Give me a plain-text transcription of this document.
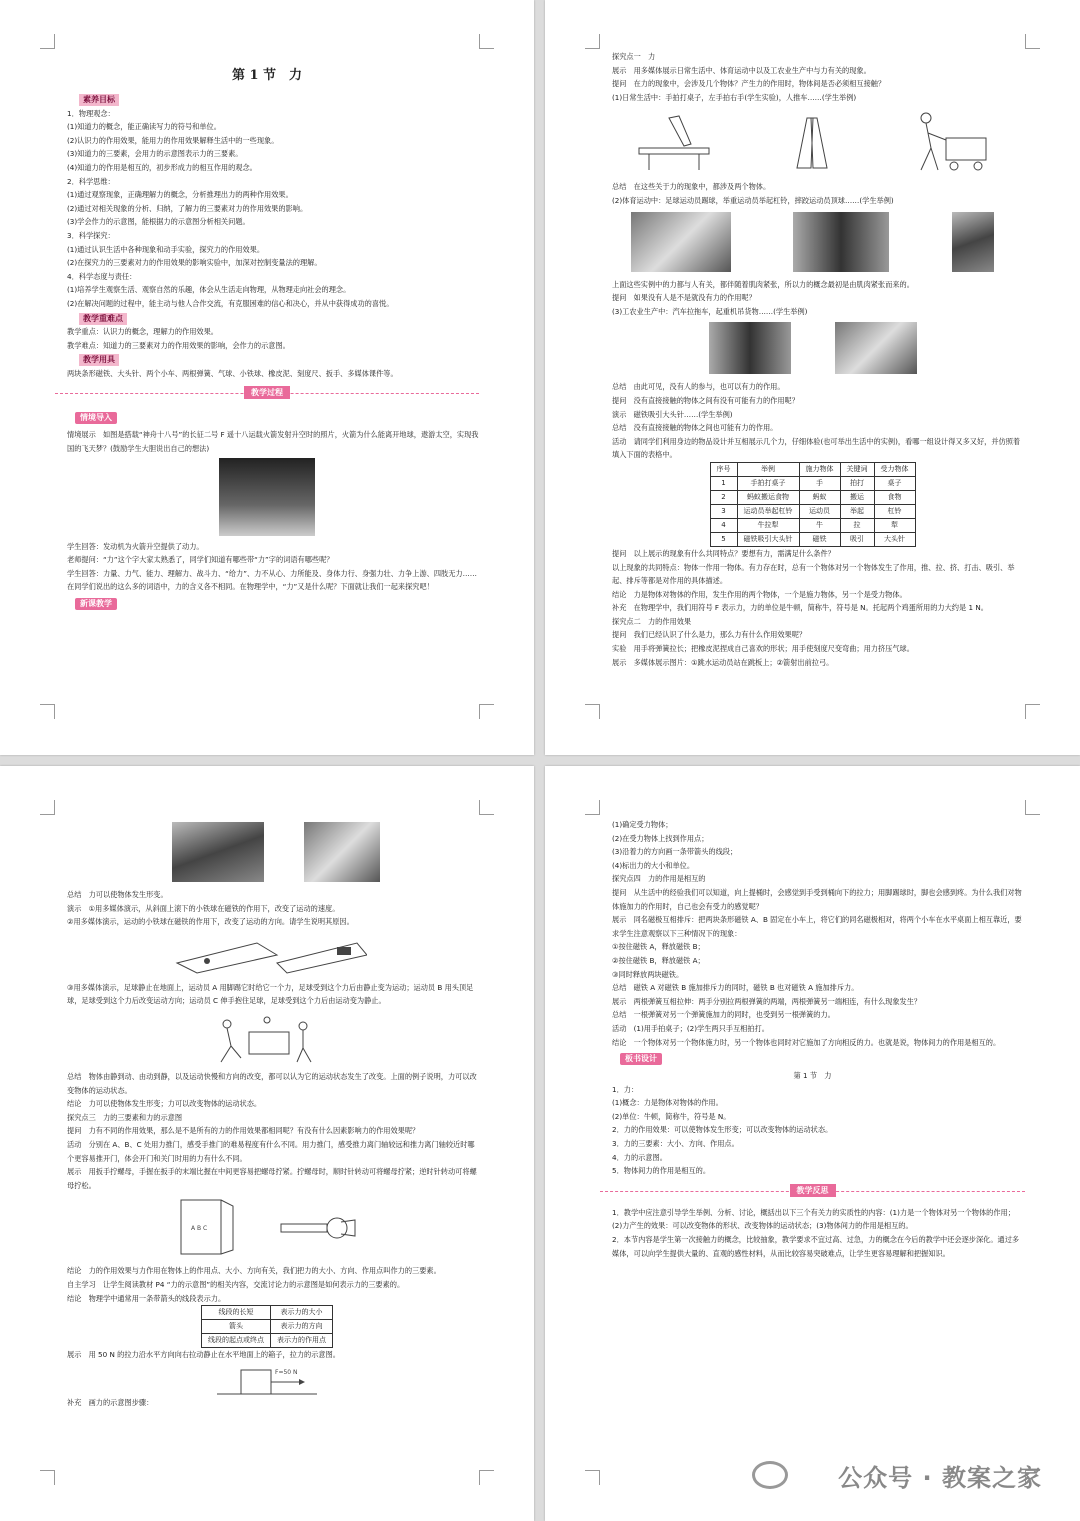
第 1 节　力
素养目标
1．物理观念：
(1)知道力的概念，能正确读写力的符号和单位。
(2)认识力的作用效果，能用力的作用效果解释生活中的一些现象。
(3)知道力的三要素，会用力的示意图表示力的三要素。
(4)知道力的作用是相互的，初步形成力的相互作用的观念。
2．科学思维：
(1)通过观察现象，正确理解力的概念，分析推理出力的两种作用效果。
(2)通过对相关现象的分析、归纳，了解力的三要素对力的作用效果的影响。
(3)学会作力的示意图，能根据力的示意图分析相关问题。
3．科学探究：
(1)通过认识生活中各种现象和动手实验，探究力的作用效果。
(2)在探究力的三要素对力的作用效果的影响实验中，加深对控制变量法的理解。
4．科学态度与责任：
(1)培养学生观察生活、观察自然的乐趣，体会从生活走向物理，从物理走向社会的理念。
(2)在解决问题的过程中，能主动与他人合作交流，有克服困难的信心和决心，并从中获得成功的喜悦。
教学重难点
教学重点：认识力的概念，理解力的作用效果。
教学难点：知道力的三要素对力的作用效果的影响，会作力的示意图。
教学用具
两块条形磁铁、大头针、两个小车、两根弹簧、气球、小铁球、橡皮泥、刻度尺、扳手、多媒体课件等。
教学过程
情境导入
情境展示　如图是搭载“神舟十八号”的长征二号 F 遥十八运载火箭发射升空时的照片，火箭为什么能离开地球，遨游太空，实现我国的飞天梦？(鼓励学生大胆说出自己的想法)
学生回答：发动机为火箭升空提供了动力。
老师提问：“力”这个字大家太熟悉了，同学们知道有哪些带“力”字的词语有哪些呢？
学生回答：力量、力气、能力、理解力、战斗力、“给力”、力不从心、力所能及、身体力行、身强力壮、力争上游、四肢无力……
在同学们说出的这么多的词语中，力的含义各不相同。在物理学中，“力”又是什么呢？下面就让我们一起来探究吧！
新课教学
探究点一　力
展示　用多媒体展示日常生活中、体育运动中以及工农业生产中与力有关的现象。
提问　在力的现象中，会涉及几个物体？产生力的作用时，物体间是否必须相互接触？
(1)日常生活中：手拍打桌子，左手拍右手(学生实验)，人推车……(学生举例)
总结　在这些关于力的现象中，都涉及两个物体。
(2)体育运动中：足球运动员踢球，举重运动员举起杠铃，摔跤运动员顶球……(学生举例)
上面这些实例中的力都与人有关，都伴随着肌肉紧张，所以力的概念最初是由肌肉紧张而来的。
提问　如果没有人是不是就没有力的作用呢？
(3)工农业生产中：汽车拉拖车，起重机吊货物……(学生举例)
总结　由此可见，没有人的参与，也可以有力的作用。
提问　没有直接接触的物体之间有没有可能有力的作用呢？
演示　磁铁吸引大头针……(学生举例)
总结　没有直接接触的物体之间也可能有力的作用。
活动　请同学们利用身边的物品设计并互相展示几个力，仔细体验(也可举出生活中的实例)，看哪一组设计得又多又好，并仿照着填入下面的表格中。
序号	举例	施力物体	关键词	受力物体
1	手拍打桌子	手	拍打	桌子
2	蚂蚁搬运食物	蚂蚁	搬运	食物
3	运动员举起杠铃	运动员	举起	杠铃
4	牛拉犁	牛	拉	犁
5	磁铁吸引大头针	磁铁	吸引	大头针
提问　以上展示的现象有什么共同特点？要想有力，需满足什么条件？
以上现象的共同特点：物体一作用一物体。有力存在时，总有一个物体对另一个物体发生了作用，推、拉、挤、打击、吸引、举起、排斥等都是对作用的具体描述。
结论　力是物体对物体的作用，发生作用的两个物体，一个是施力物体，另一个是受力物体。
补充　在物理学中，我们用符号 F 表示力，力的单位是牛顿，简称牛，符号是 N。托起两个鸡蛋所用的力大约是 1 N。
探究点二　力的作用效果
提问　我们已经认识了什么是力，那么力有什么作用效果呢？
实验　用手将弹簧拉长；把橡皮泥捏成自己喜欢的形状；用手使刻度尺变弯曲；用力挤压气球。
展示　多媒体展示图片：①跳水运动员站在跳板上；②箭射出前拉弓。
总结　力可以使物体发生形变。
演示　①用多媒体演示，从斜面上滚下的小铁球在磁铁的作用下，改变了运动的速度。
②用多媒体演示，运动的小铁球在磁铁的作用下，改变了运动的方向。请学生说明其原因。
③用多媒体演示，足球静止在地面上，运动员 A 用脚踢它时给它一个力，足球受到这个力后由静止变为运动；运动员 B 用头顶足球，足球受到这个力后改变运动方向；运动员 C 伸手抱住足球，足球受到这个力后由运动变为静止。
总结　物体由静到动、由动到静，以及运动快慢和方向的改变，都可以认为它的运动状态发生了改变。上面的例子说明，力可以改变物体的运动状态。
结论　力可以使物体发生形变；力可以改变物体的运动状态。
探究点三　力的三要素和力的示意图
提问　力有不同的作用效果，那么是不是所有的力的作用效果都相同呢？有没有什么因素影响力的作用效果呢？
活动　分别在 A、B、C 处用力推门，感受手推门的难易程度有什么不同。用力推门，感受推力离门轴较远和推力离门轴较近时哪个更容易推开门，体会开门和关门时用的力有什么不同。
展示　用扳手拧螺母，手握在扳手的末端比握在中间更容易把螺母拧紧。拧螺母时，顺时针转动可将螺母拧紧；逆时针转动可将螺母拧松。
A B C
结论　力的作用效果与力作用在物体上的作用点、大小、方向有关，我们把力的大小、方向、作用点叫作力的三要素。
自主学习　让学生阅读教材 P4 “力的示意图”的相关内容，交流讨论力的示意图是如何表示力的三要素的。
结论　物理学中通常用一条带箭头的线段表示力。
线段的长短	表示力的大小
箭头	表示力的方向
线段的起点或终点	表示力的作用点
展示　用 50 N 的拉力沿水平方向向右拉动静止在水平地面上的箱子，拉力的示意图。
F=50 N
补充　画力的示意图步骤：
(1)确定受力物体；
(2)在受力物体上找到作用点；
(3)沿着力的方向画一条带箭头的线段；
(4)标出力的大小和单位。
探究点四　力的作用是相互的
提问　从生活中的经验我们可以知道，向上提桶时，会感觉到手受到桶向下的拉力；用脚踢球时，脚也会感到疼。为什么我们对物体施加力的作用时，自己也会有受力的感觉呢？
展示　同名磁极互相排斥：把两块条形磁铁 A、B 固定在小车上，将它们的同名磁极相对，将两个小车在水平桌面上相互靠近，要求学生注意观察以下三种情况下的现象：
①按住磁铁 A，释放磁铁 B；
②按住磁铁 B，释放磁铁 A；
③同时释放两块磁铁。
总结　磁铁 A 对磁铁 B 施加排斥力的同时，磁铁 B 也对磁铁 A 施加排斥力。
展示　两根弹簧互相拉伸：两手分别拉两根弹簧的两端，两根弹簧另一端相连，有什么现象发生？
总结　一根弹簧对另一个弹簧施加力的同时，也受到另一根弹簧的力。
活动　(1)用手拍桌子；(2)学生两只手互相拍打。
结论　一个物体对另一个物体施力时，另一个物体也同时对它施加了方向相反的力。也就是说，物体间力的作用是相互的。
板书设计
第 1 节　力
1．力：
(1)概念：力是物体对物体的作用。
(2)单位：牛顿，简称牛，符号是 N。
2．力的作用效果：可以使物体发生形变；可以改变物体的运动状态。
3．力的三要素：大小、方向、作用点。
4．力的示意图。
5．物体间力的作用是相互的。
教学反思
1．教学中应注意引导学生举例、分析、讨论，概括出以下三个有关力的实质性的内容：(1)力是一个物体对另一个物体的作用；(2)力产生的效果：可以改变物体的形状、改变物体的运动状态；(3)物体间力的作用是相互的。
2．本节内容是学生第一次接触力的概念，比较抽象，教学要求不宜过高、过急，力的概念在今后的教学中还会逐步深化。通过多媒体，可以向学生提供大量的、直观的感性材料，从而比较容易突破难点，让学生更容易理解和把握知识。
公众号 · 教案之家
